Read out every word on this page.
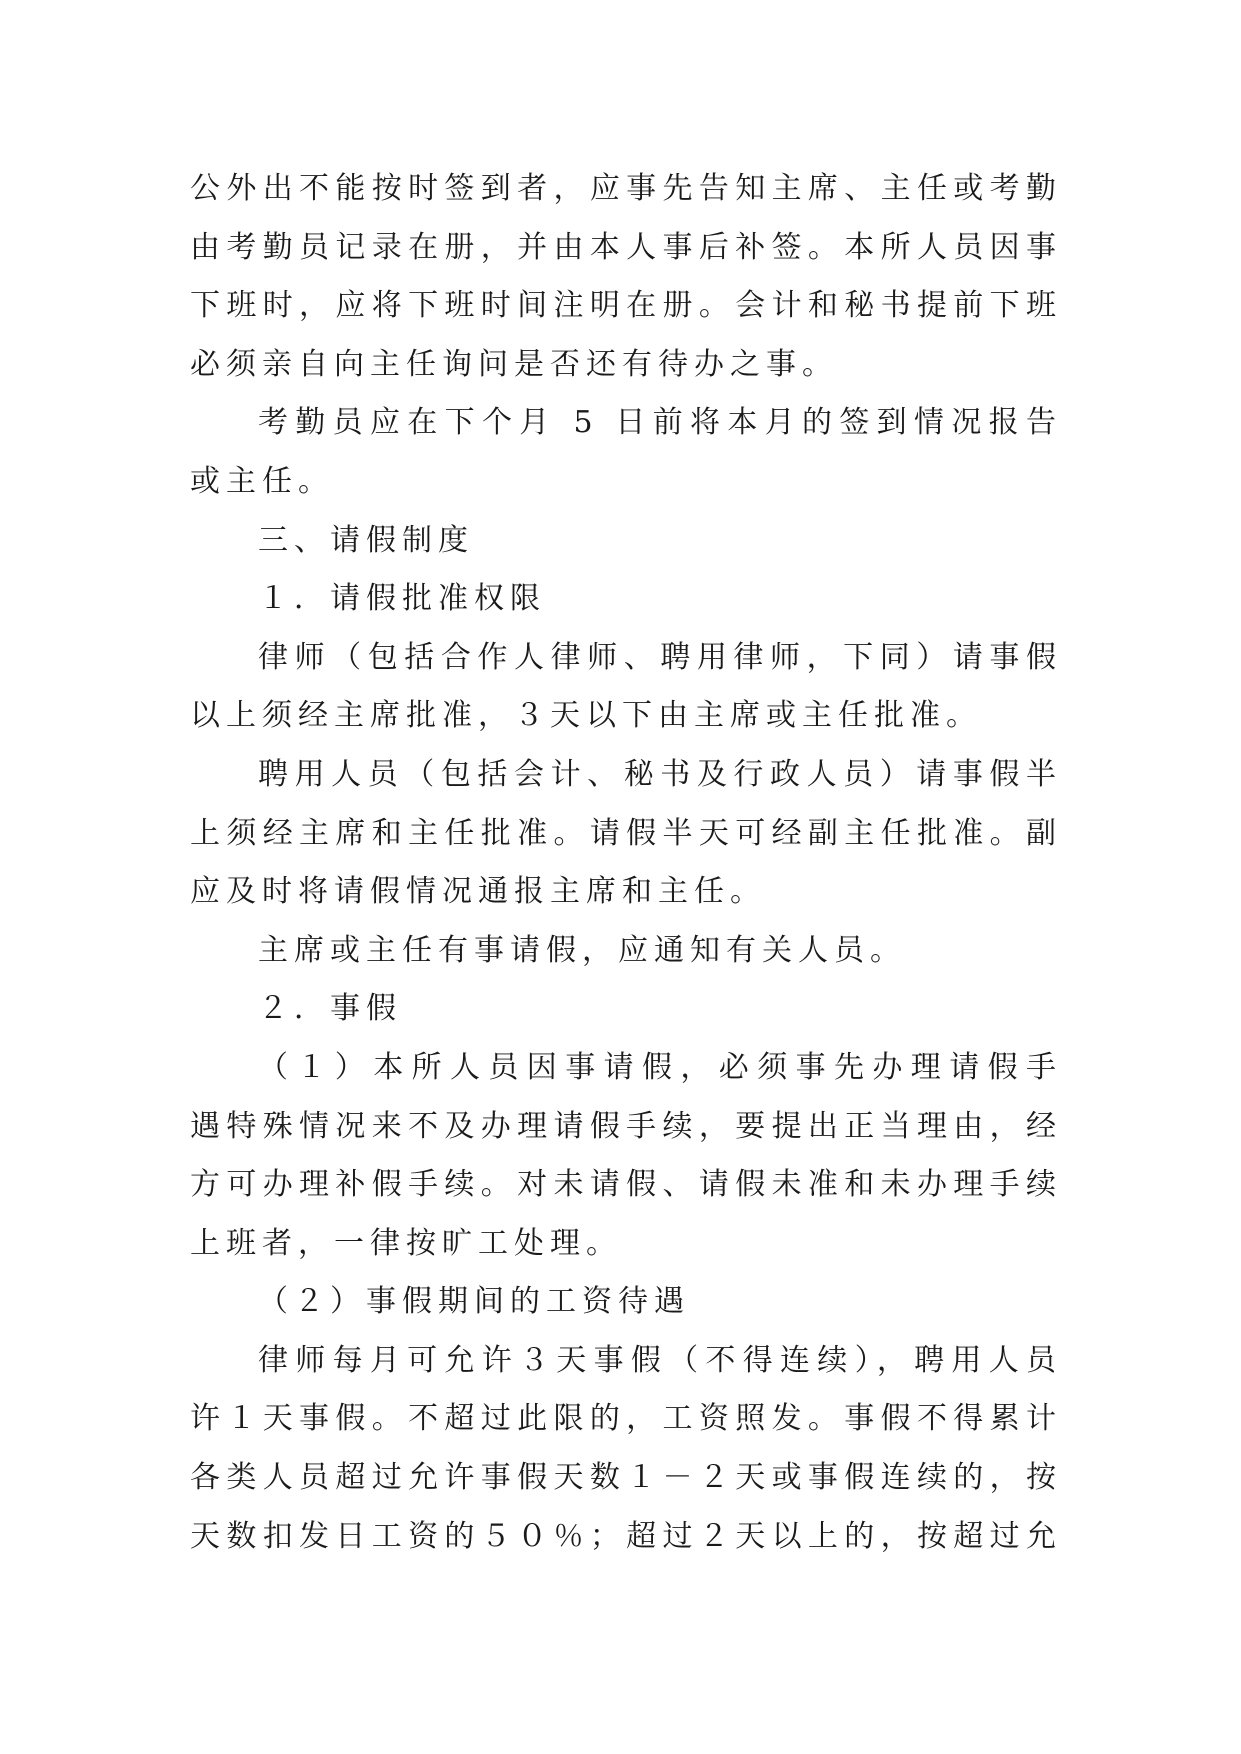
公外出不能按时签到者，应事先告知主席、主任或考勤
由考勤员记录在册，并由本人事后补签。本所人员因事
下班时，应将下班时间注明在册。会计和秘书提前下班
必须亲自向主任询问是否还有待办之事。
考勤员应在下个月 5 日前将本月的签到情况报告
或主任。
三、请假制度
１．请假批准权限
律师（包括合作人律师、聘用律师，下同）请事假
以上须经主席批准，３天以下由主席或主任批准。
聘用人员（包括会计、秘书及行政人员）请事假半
上须经主席和主任批准。请假半天可经副主任批准。副
应及时将请假情况通报主席和主任。
主席或主任有事请假，应通知有关人员。
２．事假
（１）本所人员因事请假，必须事先办理请假手
遇特殊情况来不及办理请假手续，要提出正当理由，经
方可办理补假手续。对未请假、请假未准和未办理手续
上班者，一律按旷工处理。
（２）事假期间的工资待遇
律师每月可允许３天事假（不得连续），聘用人员
许１天事假。不超过此限的，工资照发。事假不得累计
各类人员超过允许事假天数１－２天或事假连续的，按
天数扣发日工资的５０％；超过２天以上的，按超过允
